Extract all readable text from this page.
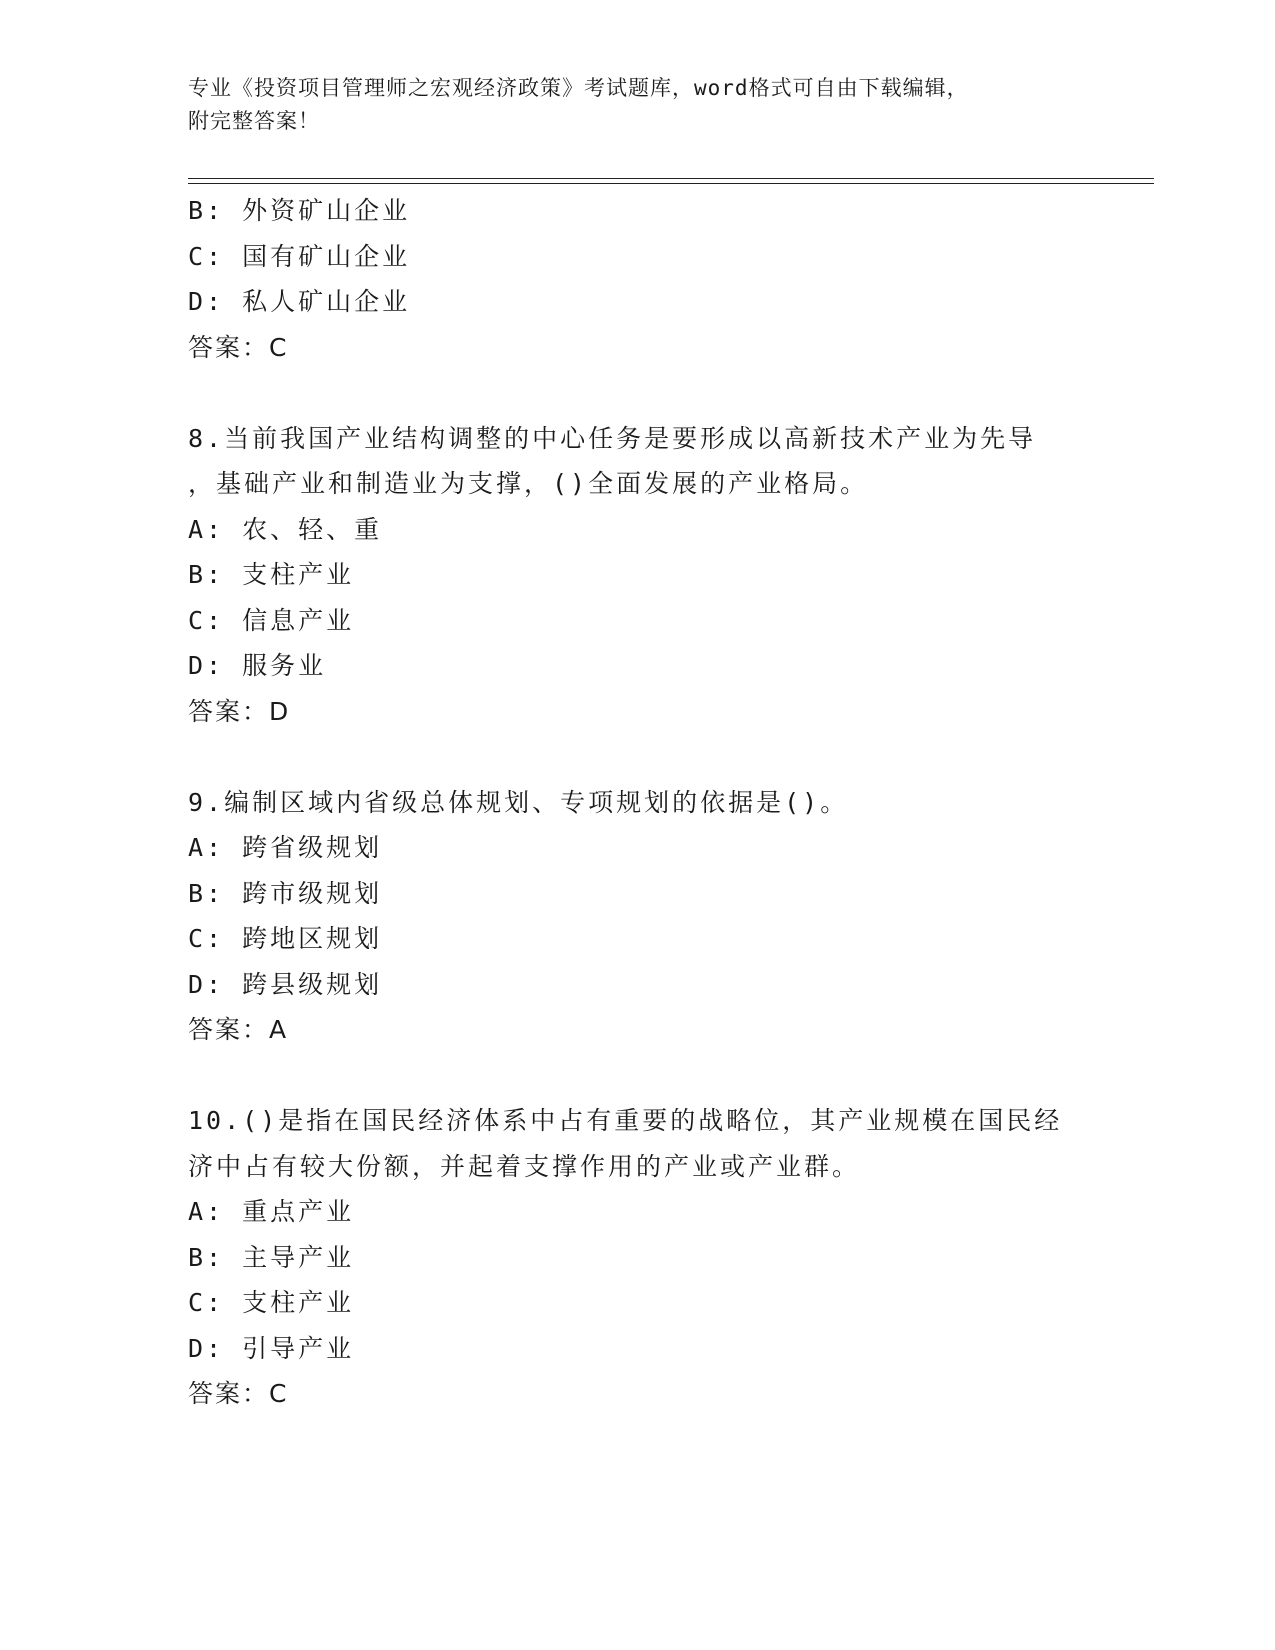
专业《投资项目管理师之宏观经济政策》考试题库，word格式可自由下载编辑，
附完整答案！
B: 外资矿山企业
C: 国有矿山企业
D: 私人矿山企业
答案：C
8.当前我国产业结构调整的中心任务是要形成以高新技术产业为先导
，基础产业和制造业为支撑，()全面发展的产业格局。
A: 农、轻、重
B: 支柱产业
C: 信息产业
D: 服务业
答案：D
9.编制区域内省级总体规划、专项规划的依据是()。
A: 跨省级规划
B: 跨市级规划
C: 跨地区规划
D: 跨县级规划
答案：A
10.()是指在国民经济体系中占有重要的战略位，其产业规模在国民经
济中占有较大份额，并起着支撑作用的产业或产业群。
A: 重点产业
B: 主导产业
C: 支柱产业
D: 引导产业
答案：C
